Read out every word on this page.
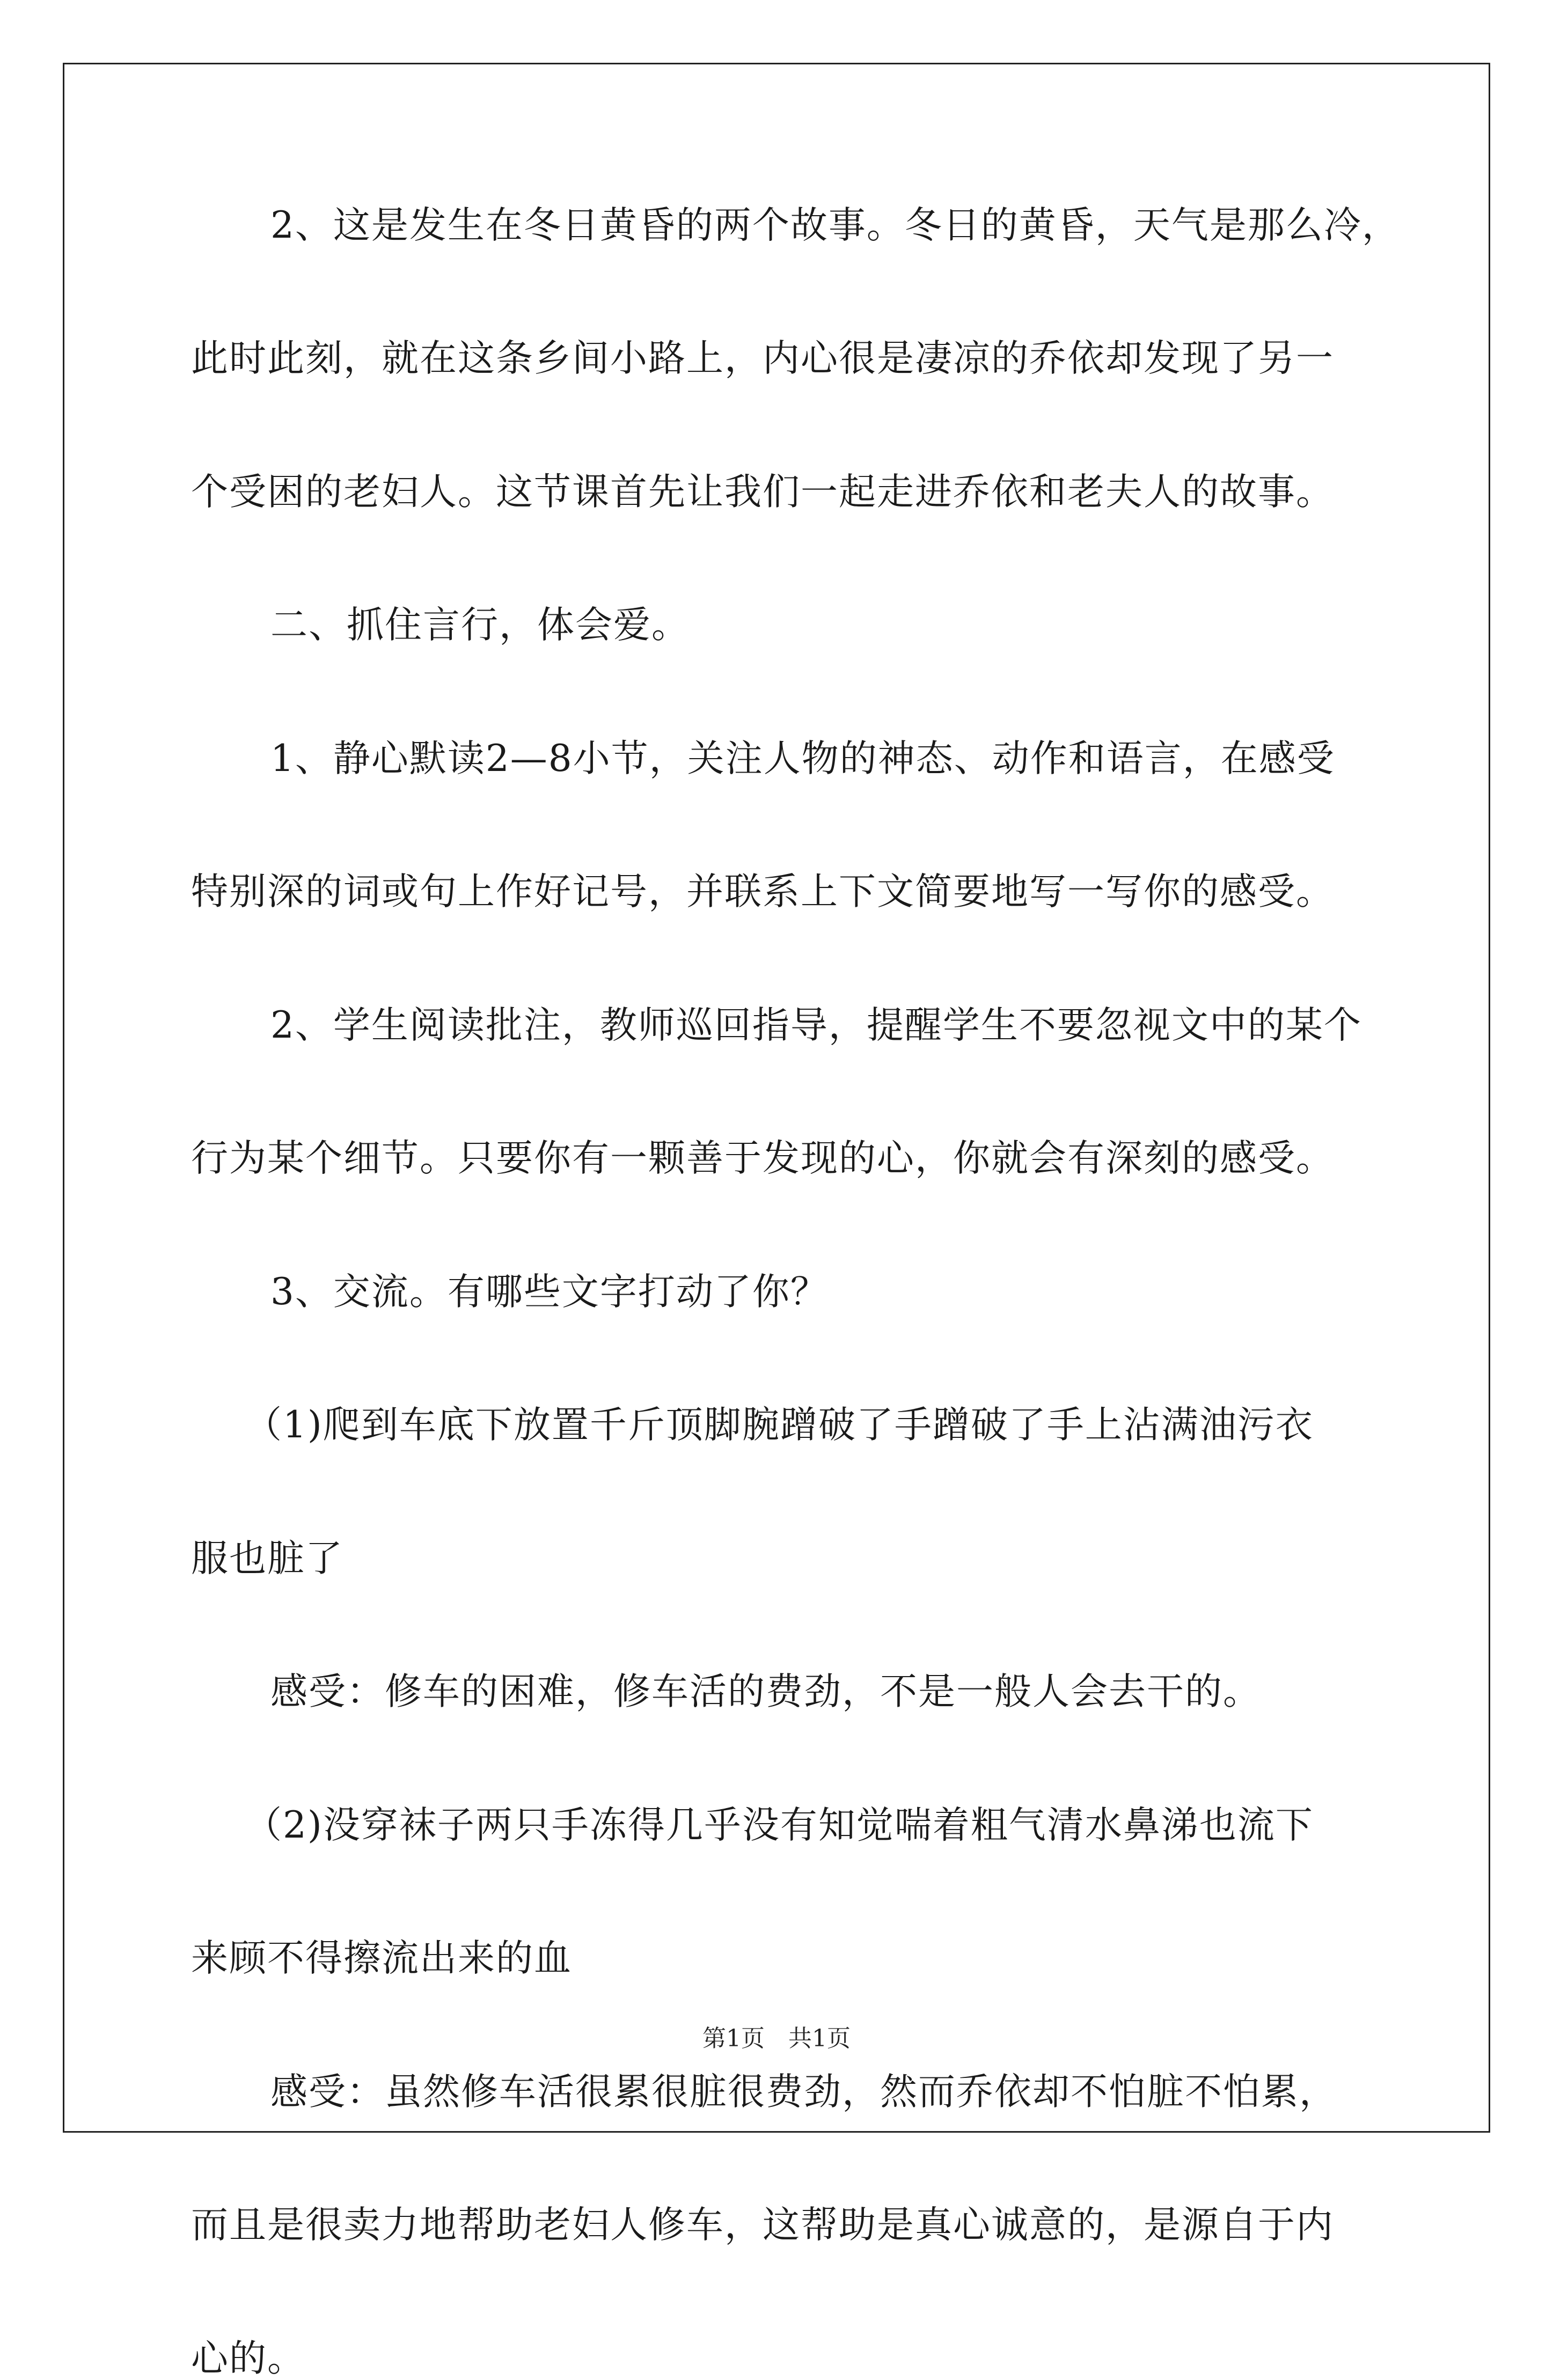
2、这是发生在冬日黄昏的两个故事。冬日的黄昏，天气是那么冷，
此时此刻，就在这条乡间小路上，内心很是凄凉的乔依却发现了另一
个受困的老妇人。这节课首先让我们一起走进乔依和老夫人的故事。
二、抓住言行，体会爱。
1、静心默读2—8小节，关注人物的神态、动作和语言，在感受
特别深的词或句上作好记号，并联系上下文简要地写一写你的感受。
2、学生阅读批注，教师巡回指导，提醒学生不要忽视文中的某个
行为某个细节。只要你有一颗善于发现的心，你就会有深刻的感受。
3、交流。有哪些文字打动了你？
（1)爬到车底下放置千斤顶脚腕蹭破了手蹭破了手上沾满油污衣
服也脏了
感受：修车的困难，修车活的费劲，不是一般人会去干的。
（2)没穿袜子两只手冻得几乎没有知觉喘着粗气清水鼻涕也流下
来顾不得擦流出来的血
感受：虽然修车活很累很脏很费劲，然而乔依却不怕脏不怕累，
而且是很卖力地帮助老妇人修车，这帮助是真心诚意的，是源自于内
心的。
第1页　共1页
